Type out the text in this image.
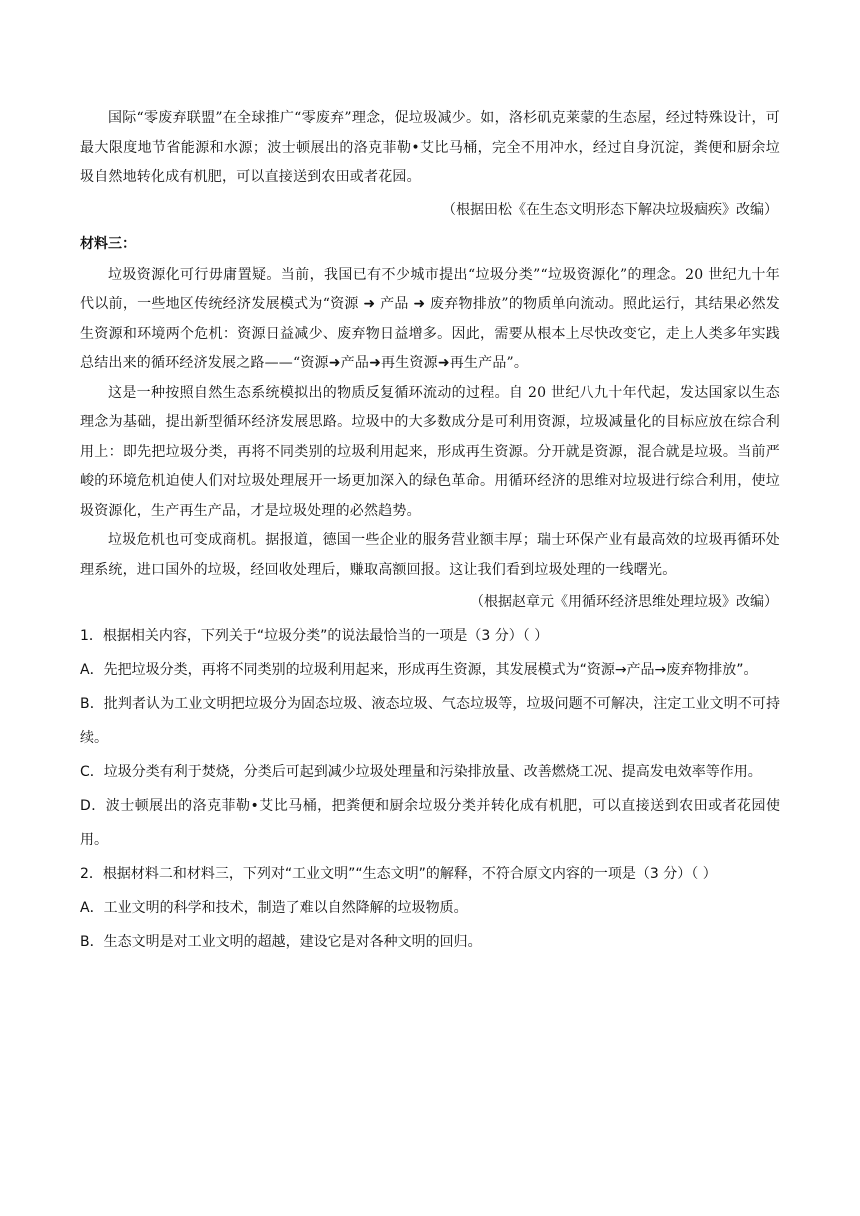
国际“零废弃联盟”在全球推广“零废弃”理念，促垃圾减少。如，洛杉矶克莱蒙的生态屋，经过特殊设计，可最大限度地节省能源和水源；波士顿展出的洛克菲勒•艾比马桶，完全不用冲水，经过自身沉淀，粪便和厨余垃圾自然地转化成有机肥，可以直接送到农田或者花园。

（根据田松《在生态文明形态下解决垃圾痼疾》改编）

材料三：

垃圾资源化可行毋庸置疑。当前，我国已有不少城市提出“垃圾分类”“垃圾资源化”的理念。20 世纪九十年代以前，一些地区传统经济发展模式为“资源 ➜ 产品 ➜ 废弃物排放”的物质单向流动。照此运行，其结果必然发生资源和环境两个危机：资源日益减少、废弃物日益增多。因此，需要从根本上尽快改变它，走上人类多年实践总结出来的循环经济发展之路——“资源➜产品➜再生资源➜再生产品”。

这是一种按照自然生态系统模拟出的物质反复循环流动的过程。自 20 世纪八九十年代起，发达国家以生态理念为基础，提出新型循环经济发展思路。垃圾中的大多数成分是可利用资源，垃圾减量化的目标应放在综合利用上：即先把垃圾分类，再将不同类别的垃圾利用起来，形成再生资源。分开就是资源，混合就是垃圾。当前严峻的环境危机迫使人们对垃圾处理展开一场更加深入的绿色革命。用循环经济的思维对垃圾进行综合利用，使垃圾资源化，生产再生产品，才是垃圾处理的必然趋势。

垃圾危机也可变成商机。据报道，德国一些企业的服务营业额丰厚；瑞士环保产业有最高效的垃圾再循环处理系统，进口国外的垃圾，经回收处理后，赚取高额回报。这让我们看到垃圾处理的一线曙光。

（根据赵章元《用循环经济思维处理垃圾》改编）

1．根据相关内容，下列关于“垃圾分类”的说法最恰当的一项是（3 分）（ ）

A．先把垃圾分类，再将不同类别的垃圾利用起来，形成再生资源，其发展模式为“资源→产品→废弃物排放”。

B．批判者认为工业文明把垃圾分为固态垃圾、液态垃圾、气态垃圾等，垃圾问题不可解决，注定工业文明不可持续。

C．垃圾分类有利于焚烧，分类后可起到减少垃圾处理量和污染排放量、改善燃烧工况、提高发电效率等作用。

D．波士顿展出的洛克菲勒•艾比马桶，把粪便和厨余垃圾分类并转化成有机肥，可以直接送到农田或者花园使用。

2．根据材料二和材料三，下列对“工业文明”“生态文明”的解释，不符合原文内容的一项是（3 分）（ ）

A．工业文明的科学和技术，制造了难以自然降解的垃圾物质。

B．生态文明是对工业文明的超越，建设它是对各种文明的回归。
